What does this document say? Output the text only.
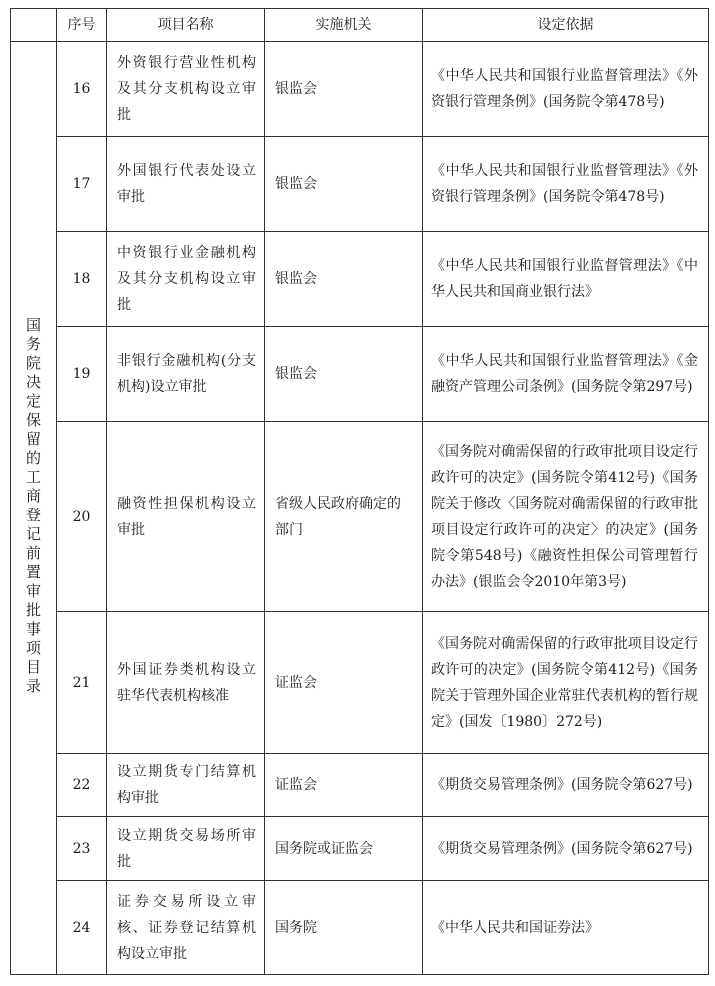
	序号	项目名称	实施机关	设定依据
国务院决定保留的工商登记前置审批事项目录	16	外资银行营业性机构及其分支机构设立审批	银监会	《中华人民共和国银行业监督管理法》《外资银行管理条例》(国务院令第478号)
	17	外国银行代表处设立审批	银监会	《中华人民共和国银行业监督管理法》《外资银行管理条例》(国务院令第478号)
	18	中资银行业金融机构及其分支机构设立审批	银监会	《中华人民共和国银行业监督管理法》《中华人民共和国商业银行法》
	19	非银行金融机构(分支机构)设立审批	银监会	《中华人民共和国银行业监督管理法》《金融资产管理公司条例》(国务院令第297号)
	20	融资性担保机构设立审批	省级人民政府确定的部门	《国务院对确需保留的行政审批项目设定行政许可的决定》(国务院令第412号)《国务院关于修改〈国务院对确需保留的行政审批项目设定行政许可的决定〉的决定》(国务院令第548号)《融资性担保公司管理暂行办法》(银监会令2010年第3号)
	21	外国证券类机构设立驻华代表机构核准	证监会	《国务院对确需保留的行政审批项目设定行政许可的决定》(国务院令第412号)《国务院关于管理外国企业常驻代表机构的暂行规定》(国发〔1980〕272号)
	22	设立期货专门结算机构审批	证监会	《期货交易管理条例》(国务院令第627号)
	23	设立期货交易场所审批	国务院或证监会	《期货交易管理条例》(国务院令第627号)
	24	证券交易所设立审核、证券登记结算机构设立审批	国务院	《中华人民共和国证券法》
